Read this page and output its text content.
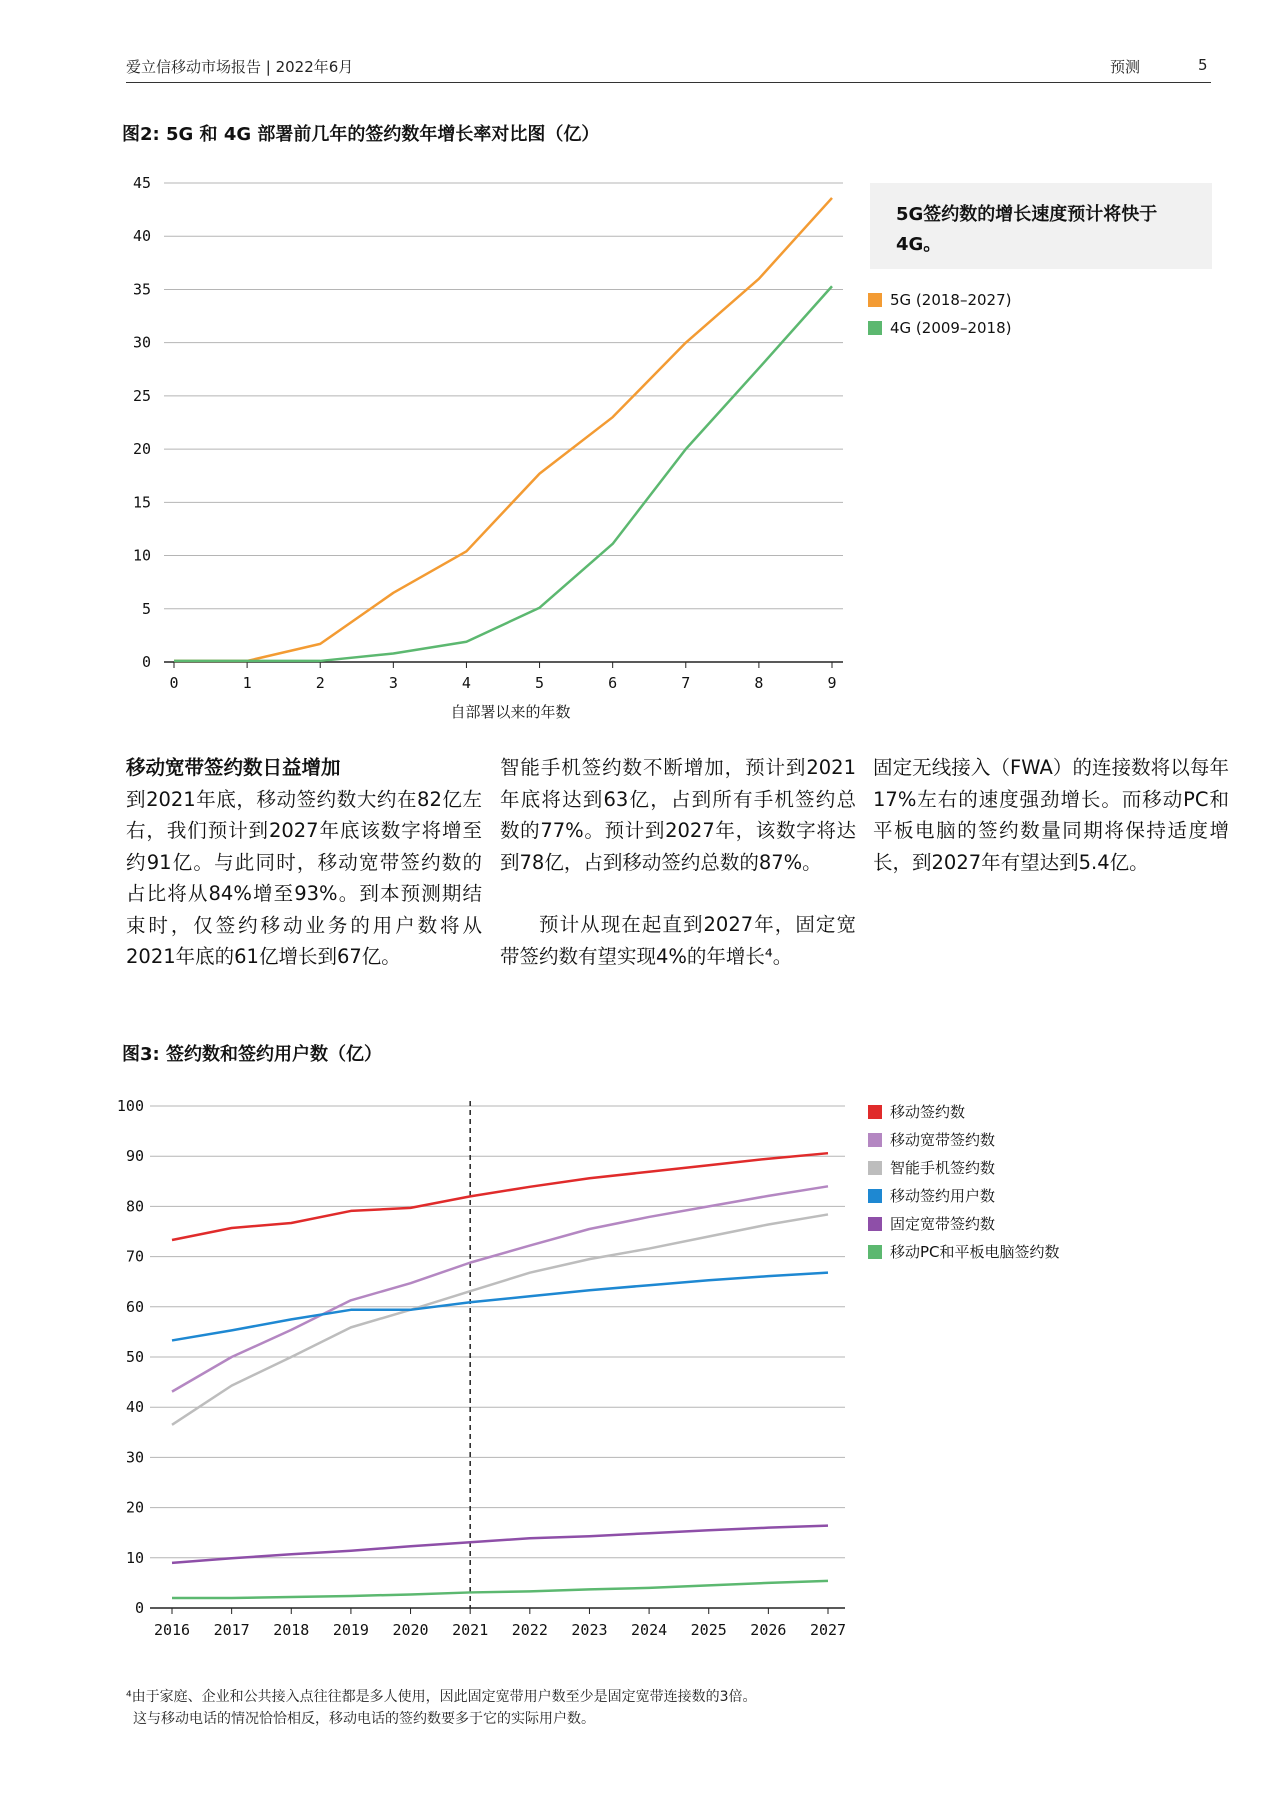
爱立信移动市场报告 | 2022年6月	预测	5
图2: 5G 和 4G 部署前几年的签约数年增长率对比图（亿）
0
5
10
15
20
25
30
35
40
45
0	1	2	3	4	5	6	7	8	9
自部署以来的年数

5G签约数的增长速度预计将快于4G。

5G (2018–2027)
4G (2009–2018)

移动宽带签约数日益增加

到2021年底，移动签约数大约在82亿左右，我们预计到2027年底该数字将增至约91亿。与此同时，移动宽带签约数的占比将从84%增至93%。到本预测期结束时，仅签约移动业务的用户数将从2021年底的61亿增长到67亿。

智能手机签约数不断增加，预计到2021年底将达到63亿，占到所有手机签约总数的77%。预计到2027年，该数字将达到78亿，占到移动签约总数的87%。

预计从现在起直到2027年，固定宽带签约数有望实现4%的年增长⁴。

固定无线接入（FWA）的连接数将以每年17%左右的速度强劲增长。而移动PC和平板电脑的签约数量同期将保持适度增长，到2027年有望达到5.4亿。

图3: 签约数和签约用户数（亿）
0
10
20
30
40
50
60
70
80
90
100
2016 2017 2018 2019 2020 2021 2022 2023 2024 2025 2026 2027
移动签约数
移动宽带签约数
智能手机签约数
移动签约用户数
固定宽带签约数
移动PC和平板电脑签约数
⁴由于家庭、企业和公共接入点往往都是多人使用，因此固定宽带用户数至少是固定宽带连接数的3倍。
这与移动电话的情况恰恰相反，移动电话的签约数要多于它的实际用户数。
